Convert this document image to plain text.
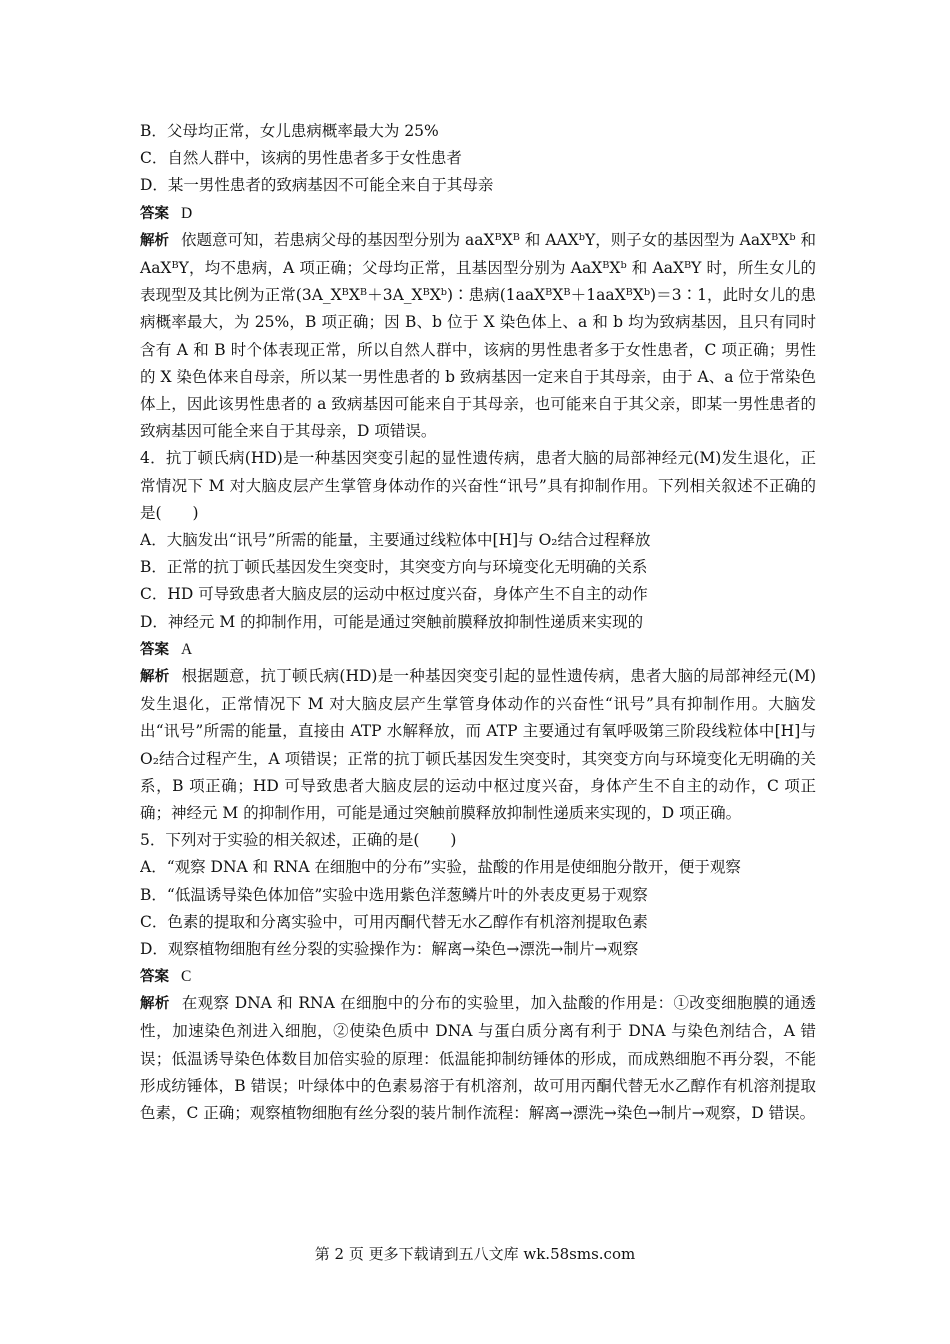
B．父母均正常，女儿患病概率最大为 25%
C．自然人群中，该病的男性患者多于女性患者
D．某一男性患者的致病基因不可能全来自于其母亲
答案 D
解析 依题意可知，若患病父母的基因型分别为 aaXᴮXᴮ 和 AAXᵇY，则子女的基因型为 AaXᴮXᵇ 和 AaXᴮY，均不患病，A 项正确；父母均正常，且基因型分别为 AaXᴮXᵇ 和 AaXᴮY 时，所生女儿的表现型及其比例为正常(3A_XᴮXᴮ＋3A_XᴮXᵇ)∶患病(1aaXᴮXᴮ＋1aaXᴮXᵇ)＝3∶1，此时女儿的患病概率最大，为 25%，B 项正确；因 B、b 位于 X 染色体上、a 和 b 均为致病基因，且只有同时含有 A 和 B 时个体表现正常，所以自然人群中，该病的男性患者多于女性患者，C 项正确；男性的 X 染色体来自母亲，所以某一男性患者的 b 致病基因一定来自于其母亲，由于 A、a 位于常染色体上，因此该男性患者的 a 致病基因可能来自于其母亲，也可能来自于其父亲，即某一男性患者的致病基因可能全来自于其母亲，D 项错误。
4．抗丁顿氏病(HD)是一种基因突变引起的显性遗传病，患者大脑的局部神经元(M)发生退化，正常情况下 M 对大脑皮层产生掌管身体动作的兴奋性“讯号”具有抑制作用。下列相关叙述不正确的是(　　)
A．大脑发出“讯号”所需的能量，主要通过线粒体中[H]与 O₂结合过程释放
B．正常的抗丁顿氏基因发生突变时，其突变方向与环境变化无明确的关系
C．HD 可导致患者大脑皮层的运动中枢过度兴奋，身体产生不自主的动作
D．神经元 M 的抑制作用，可能是通过突触前膜释放抑制性递质来实现的
答案 A
解析 根据题意，抗丁顿氏病(HD)是一种基因突变引起的显性遗传病，患者大脑的局部神经元(M)发生退化，正常情况下 M 对大脑皮层产生掌管身体动作的兴奋性“讯号”具有抑制作用。大脑发出“讯号”所需的能量，直接由 ATP 水解释放，而 ATP 主要通过有氧呼吸第三阶段线粒体中[H]与 O₂结合过程产生，A 项错误；正常的抗丁顿氏基因发生突变时，其突变方向与环境变化无明确的关系，B 项正确；HD 可导致患者大脑皮层的运动中枢过度兴奋，身体产生不自主的动作，C 项正确；神经元 M 的抑制作用，可能是通过突触前膜释放抑制性递质来实现的，D 项正确。
5．下列对于实验的相关叙述，正确的是(　　)
A．“观察 DNA 和 RNA 在细胞中的分布”实验，盐酸的作用是使细胞分散开，便于观察
B．“低温诱导染色体加倍”实验中选用紫色洋葱鳞片叶的外表皮更易于观察
C．色素的提取和分离实验中，可用丙酮代替无水乙醇作有机溶剂提取色素
D．观察植物细胞有丝分裂的实验操作为：解离→染色→漂洗→制片→观察
答案 C
解析 在观察 DNA 和 RNA 在细胞中的分布的实验里，加入盐酸的作用是：①改变细胞膜的通透性，加速染色剂进入细胞，②使染色质中 DNA 与蛋白质分离有利于 DNA 与染色剂结合，A 错误；低温诱导染色体数目加倍实验的原理：低温能抑制纺锤体的形成，而成熟细胞不再分裂，不能形成纺锤体，B 错误；叶绿体中的色素易溶于有机溶剂，故可用丙酮代替无水乙醇作有机溶剂提取色素，C 正确；观察植物细胞有丝分裂的装片制作流程：解离→漂洗→染色→制片→观察，D 错误。
第 2 页 更多下载请到五八文库 wk.58sms.com
